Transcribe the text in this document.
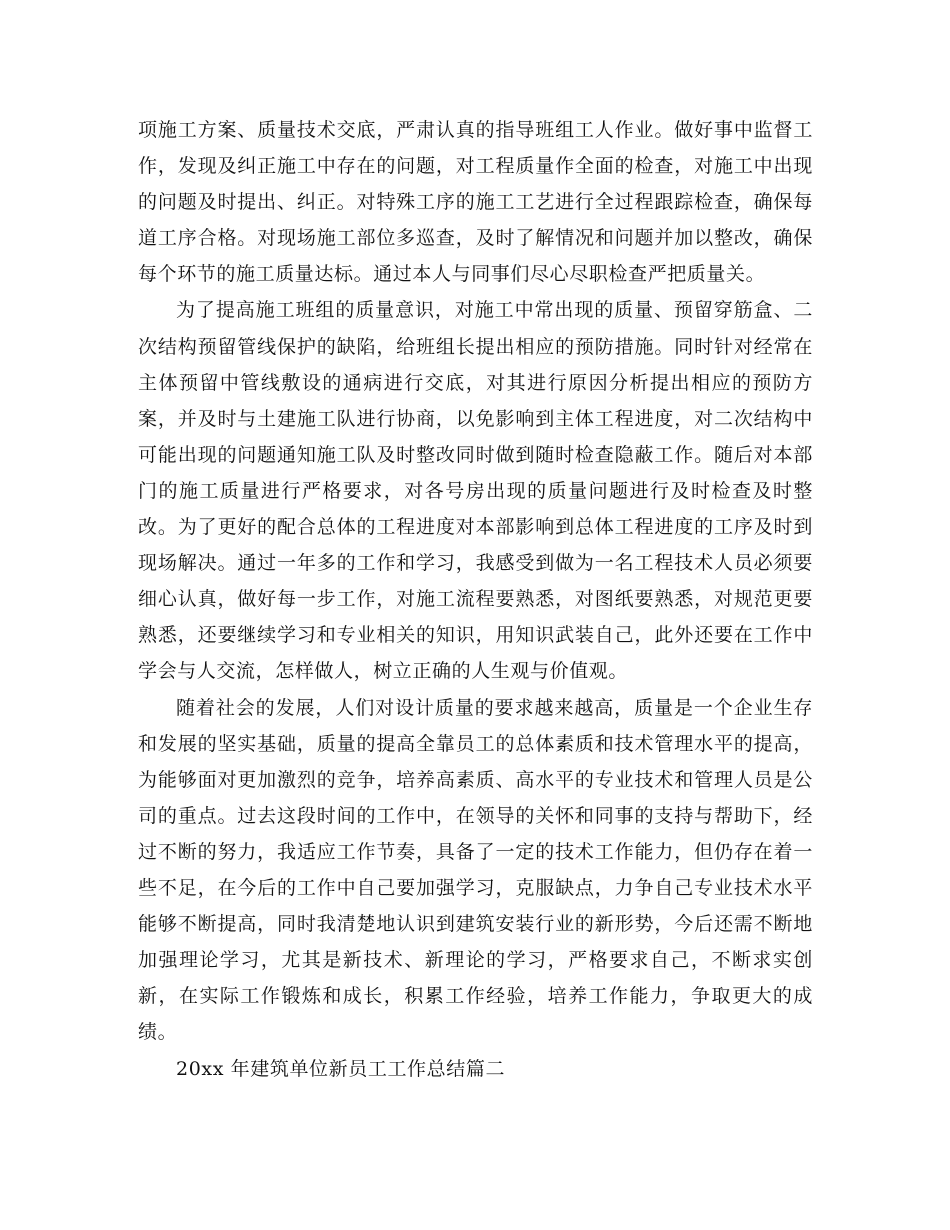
项施工方案、质量技术交底，严肃认真的指导班组工人作业。做好事中监督工作，发现及纠正施工中存在的问题，对工程质量作全面的检查，对施工中出现的问题及时提出、纠正。对特殊工序的施工工艺进行全过程跟踪检查，确保每道工序合格。对现场施工部位多巡查，及时了解情况和问题并加以整改，确保每个环节的施工质量达标。通过本人与同事们尽心尽职检查严把质量关。

为了提高施工班组的质量意识，对施工中常出现的质量、预留穿筋盒、二次结构预留管线保护的缺陷，给班组长提出相应的预防措施。同时针对经常在主体预留中管线敷设的通病进行交底，对其进行原因分析提出相应的预防方案，并及时与土建施工队进行协商，以免影响到主体工程进度，对二次结构中可能出现的问题通知施工队及时整改同时做到随时检查隐蔽工作。随后对本部门的施工质量进行严格要求，对各号房出现的质量问题进行及时检查及时整改。为了更好的配合总体的工程进度对本部影响到总体工程进度的工序及时到现场解决。通过一年多的工作和学习，我感受到做为一名工程技术人员必须要细心认真，做好每一步工作，对施工流程要熟悉，对图纸要熟悉，对规范更要熟悉，还要继续学习和专业相关的知识，用知识武装自己，此外还要在工作中学会与人交流，怎样做人，树立正确的人生观与价值观。

随着社会的发展，人们对设计质量的要求越来越高，质量是一个企业生存和发展的坚实基础，质量的提高全靠员工的总体素质和技术管理水平的提高，为能够面对更加激烈的竞争，培养高素质、高水平的专业技术和管理人员是公司的重点。过去这段时间的工作中，在领导的关怀和同事的支持与帮助下，经过不断的努力，我适应工作节奏，具备了一定的技术工作能力，但仍存在着一些不足，在今后的工作中自己要加强学习，克服缺点，力争自己专业技术水平能够不断提高，同时我清楚地认识到建筑安装行业的新形势，今后还需不断地加强理论学习，尤其是新技术、新理论的学习，严格要求自己，不断求实创新，在实际工作锻炼和成长，积累工作经验，培养工作能力，争取更大的成绩。

20xx 年建筑单位新员工工作总结篇二
